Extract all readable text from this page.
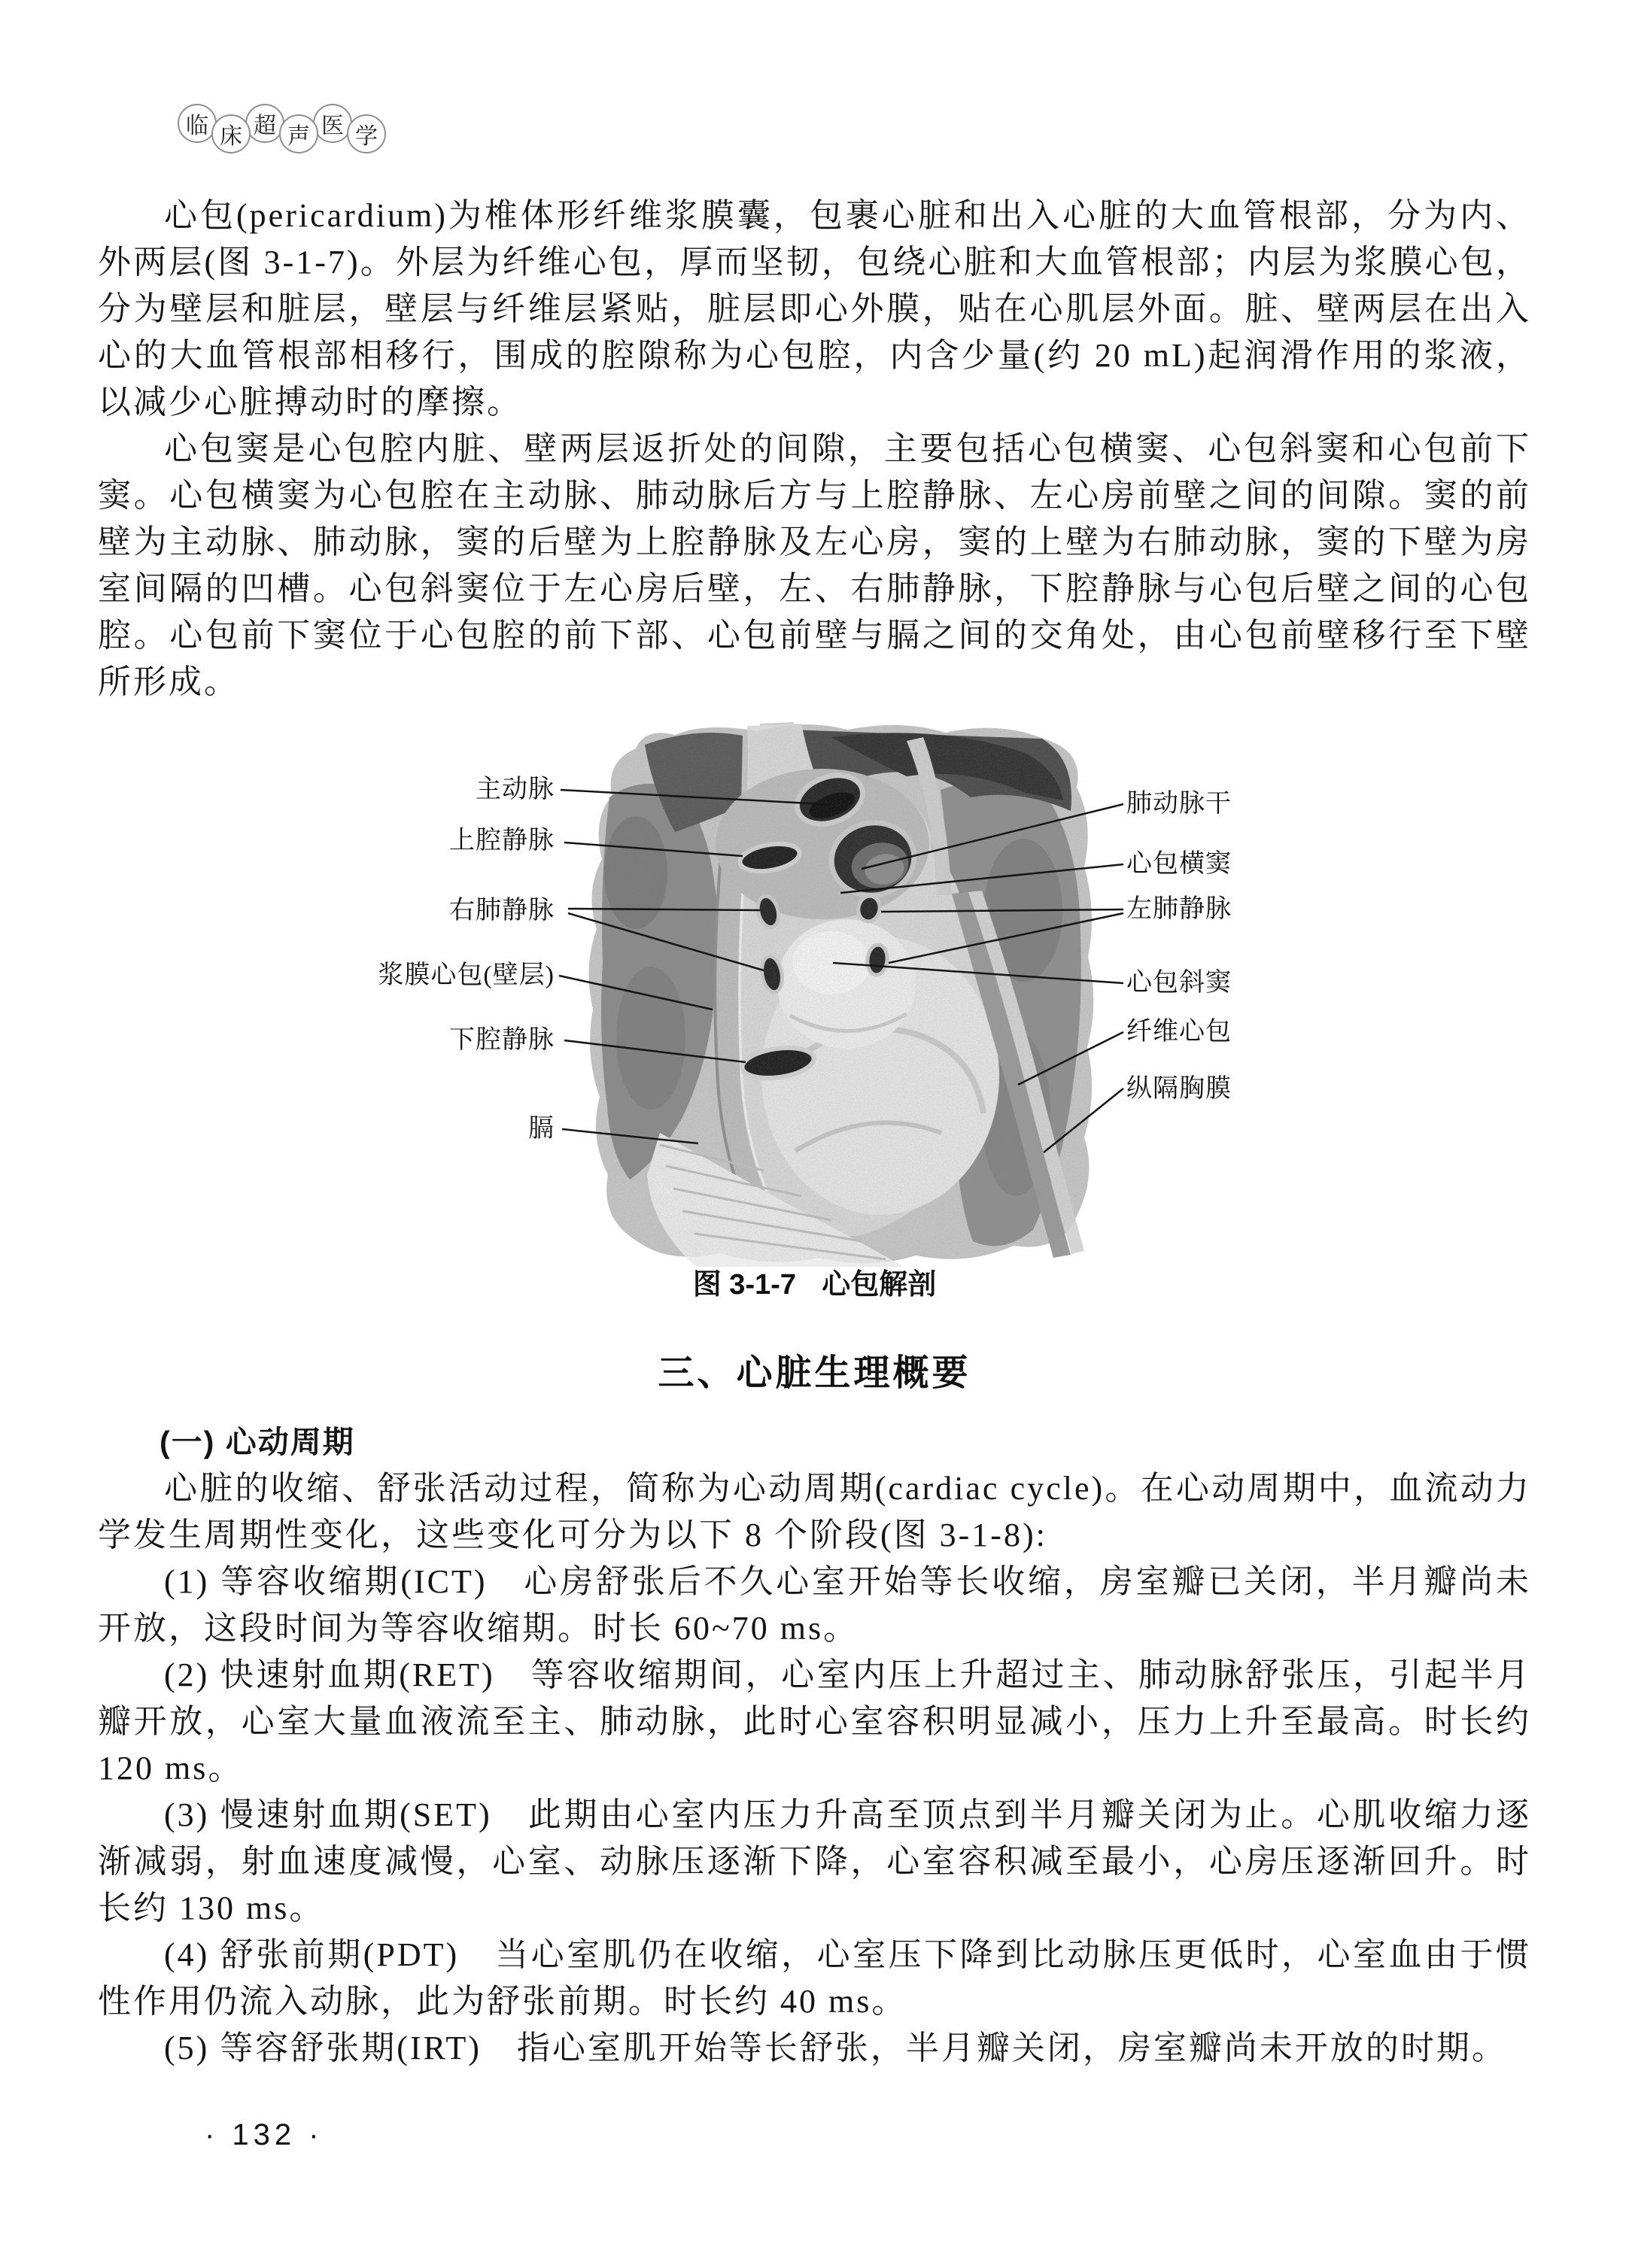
临 床 超 声 医 学

心包(pericardium)为椎体形纤维浆膜囊，包裹心脏和出入心脏的大血管根部，分为内、外两层(图 3-1-7)。外层为纤维心包，厚而坚韧，包绕心脏和大血管根部；内层为浆膜心包，分为壁层和脏层，壁层与纤维层紧贴，脏层即心外膜，贴在心肌层外面。脏、壁两层在出入心的大血管根部相移行，围成的腔隙称为心包腔，内含少量(约 20 mL)起润滑作用的浆液，以减少心脏搏动时的摩擦。

心包窦是心包腔内脏、壁两层返折处的间隙，主要包括心包横窦、心包斜窦和心包前下窦。心包横窦为心包腔在主动脉、肺动脉后方与上腔静脉、左心房前壁之间的间隙。窦的前壁为主动脉、肺动脉，窦的后壁为上腔静脉及左心房，窦的上壁为右肺动脉，窦的下壁为房室间隔的凹槽。心包斜窦位于左心房后壁，左、右肺静脉，下腔静脉与心包后壁之间的心包腔。心包前下窦位于心包腔的前下部、心包前壁与膈之间的交角处，由心包前壁移行至下壁所形成。

主动脉
上腔静脉
右肺静脉
浆膜心包(壁层)
下腔静脉
膈
肺动脉干
心包横窦
左肺静脉
心包斜窦
纤维心包
纵隔胸膜
图 3-1-7 心包解剖
三、心脏生理概要

(一) 心动周期

心脏的收缩、舒张活动过程，简称为心动周期(cardiac cycle)。在心动周期中，血流动力学发生周期性变化，这些变化可分为以下 8 个阶段(图 3-1-8):

(1) 等容收缩期(ICT)　心房舒张后不久心室开始等长收缩，房室瓣已关闭，半月瓣尚未开放，这段时间为等容收缩期。时长 60~70 ms。

(2) 快速射血期(RET)　等容收缩期间，心室内压上升超过主、肺动脉舒张压，引起半月瓣开放，心室大量血液流至主、肺动脉，此时心室容积明显减小，压力上升至最高。时长约 120 ms。

(3) 慢速射血期(SET)　此期由心室内压力升高至顶点到半月瓣关闭为止。心肌收缩力逐渐减弱，射血速度减慢，心室、动脉压逐渐下降，心室容积减至最小，心房压逐渐回升。时长约 130 ms。

(4) 舒张前期(PDT)　当心室肌仍在收缩，心室压下降到比动脉压更低时，心室血由于惯性作用仍流入动脉，此为舒张前期。时长约 40 ms。

(5) 等容舒张期(IRT)　指心室肌开始等长舒张，半月瓣关闭，房室瓣尚未开放的时期。

· 132 ·
